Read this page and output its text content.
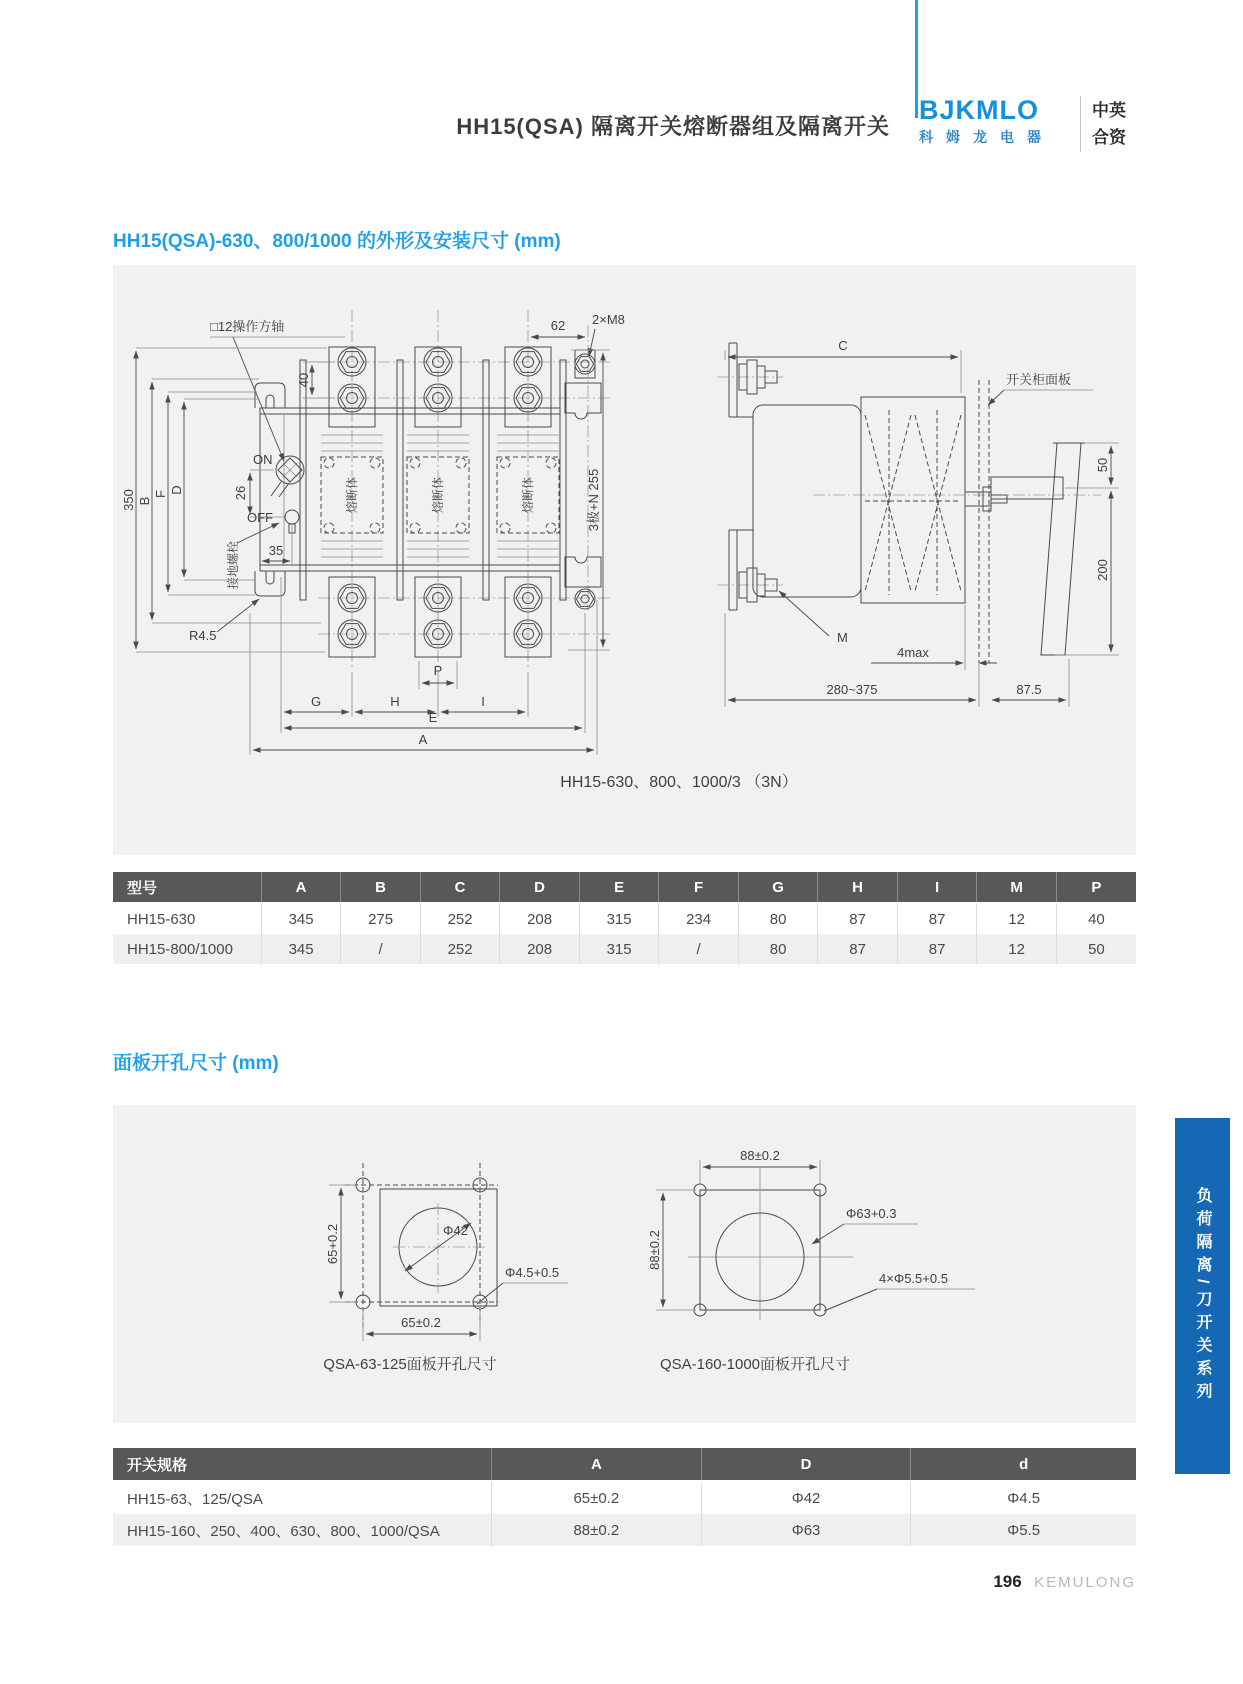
HH15(QSA) 隔离开关熔断器组及隔离开关
BJKMLO
科姆龙电器
中英
合资
HH15(QSA)-630、800/1000 的外形及安装尺寸 (mm)
熔断体	熔断体	熔断体
ON
OFF
接地螺栓
□12操作方轴
350 B
F D
40
26
35
R4.5
62 2×M8
3极+N 255
G	H	I
P
E
A
C
开关柜面板
50
200
M
4max
280~375	87.5
HH15-630、800、1000/3 （3N）
型号	A	B	C	D	E	F	G	H	I	M	P
HH15-630	345	275	252	208	315	234	80	87	87	12	40
HH15-800/1000	345	/	252	208	315	/	80	87	87	12	50
面板开孔尺寸 (mm)
Φ42
65+0.2
65±0.2
Φ4.5+0.5
QSA-63-125面板开孔尺寸
88±0.2
88±0.2
Φ63+0.3
4×Φ5.5+0.5
QSA-160-1000面板开孔尺寸
开关规格	A	D	d
HH15-63、125/QSA	65±0.2	Φ42	Φ4.5
HH15-160、250、400、630、800、1000/QSA	88±0.2	Φ63	Φ5.5
负荷隔离/刀开关系列
196 KEMULONG
